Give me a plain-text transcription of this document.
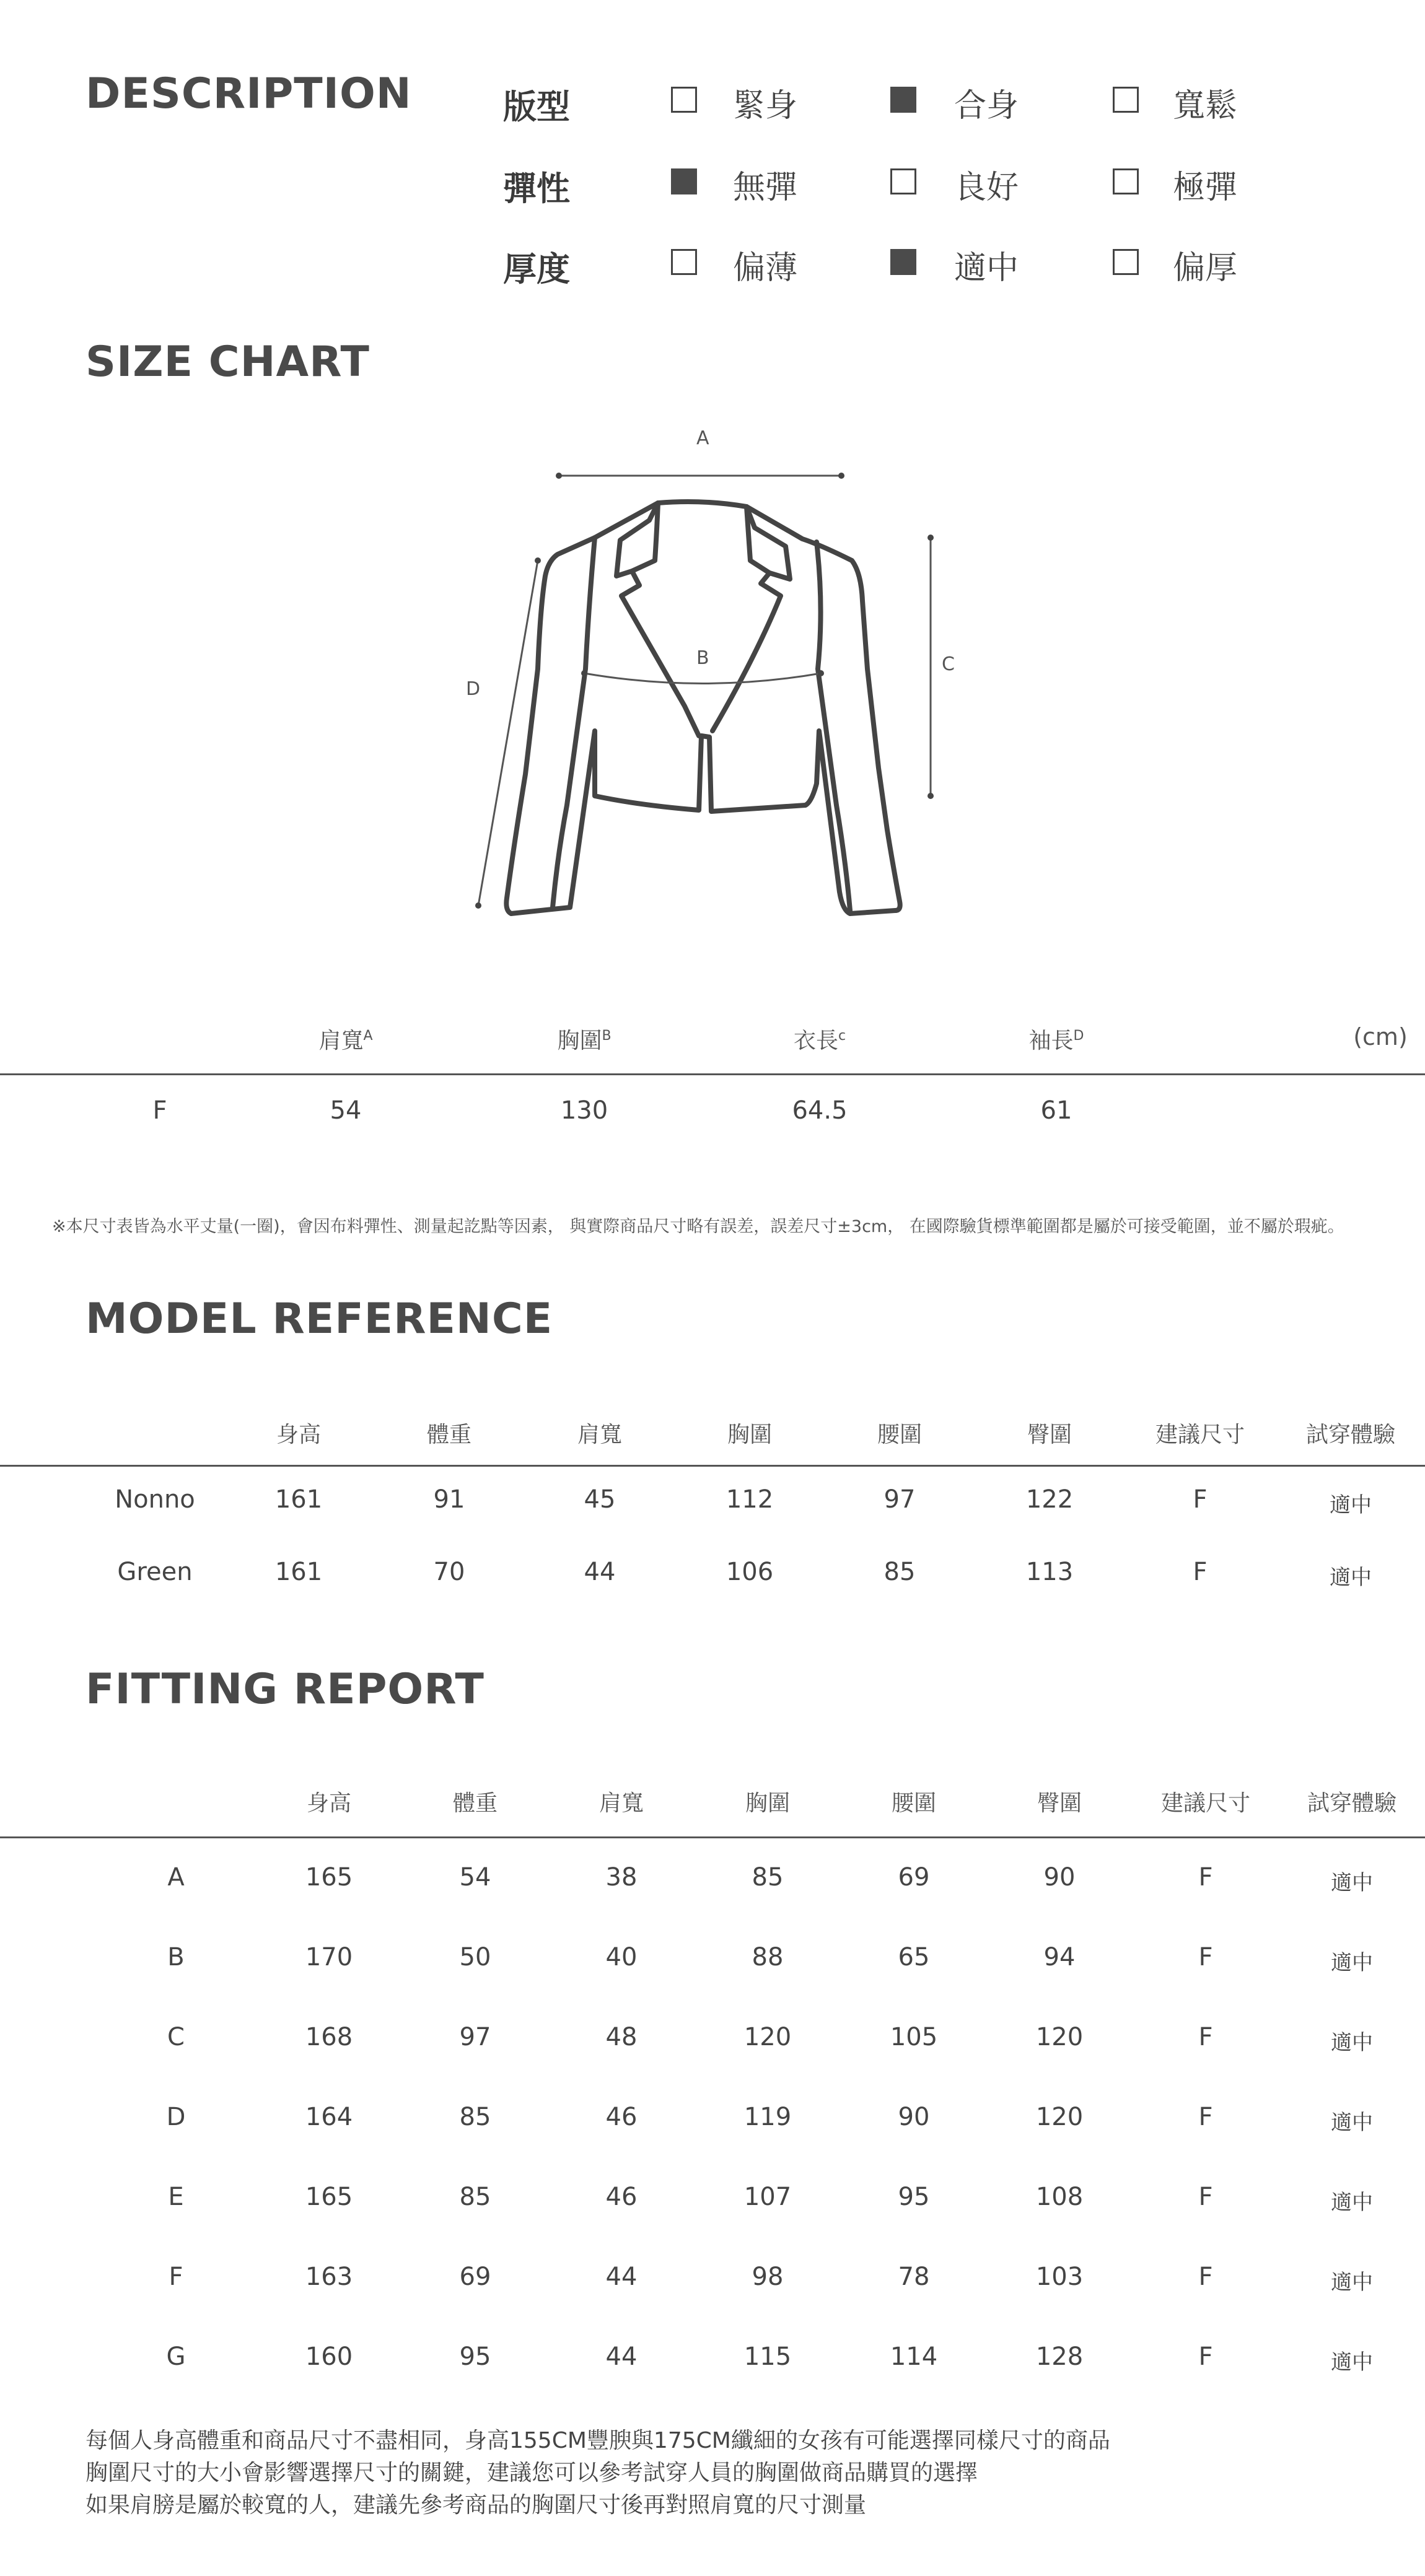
DESCRIPTION	版型	緊身	合身	寬鬆
彈性	無彈	良好	極彈
厚度	偏薄	適中	偏厚
SIZE CHART
A
B	C
D
肩寬$^A$	胸圍$^B$	衣長$^c$	袖長$^D$	(cm)
F	54	130	64.5	61
※本尺寸表皆為水平丈量(一圈)，會因布料彈性、測量起訖點等因素， 與實際商品尺寸略有誤差，誤差尺寸±3cm， 在國際驗貨標準範圍都是屬於可接受範圍，並不屬於瑕疵。
MODEL REFERENCE
身高	體重	肩寬	胸圍	腰圍	臀圍	建議尺寸	試穿體驗
Nonno	161	91	45	112	97	122	F	適中
Green	161	70	44	106	85	113	F	適中
FITTING REPORT
身高	體重	肩寬	胸圍	腰圍	臀圍	建議尺寸	試穿體驗
A	165	54	38	85	69	90	F	適中
B	170	50	40	88	65	94	F	適中
C	168	97	48	120	105	120	F	適中
D	164	85	46	119	90	120	F	適中
E	165	85	46	107	95	108	F	適中
F	163	69	44	98	78	103	F	適中
G	160	95	44	115	114	128	F	適中
每個人身高體重和商品尺寸不盡相同，身高155CM豐腴與175CM纖細的女孩有可能選擇同樣尺寸的商品
胸圍尺寸的大小會影響選擇尺寸的關鍵，建議您可以參考試穿人員的胸圍做商品購買的選擇
如果肩膀是屬於較寬的人，建議先參考商品的胸圍尺寸後再對照肩寬的尺寸測量
